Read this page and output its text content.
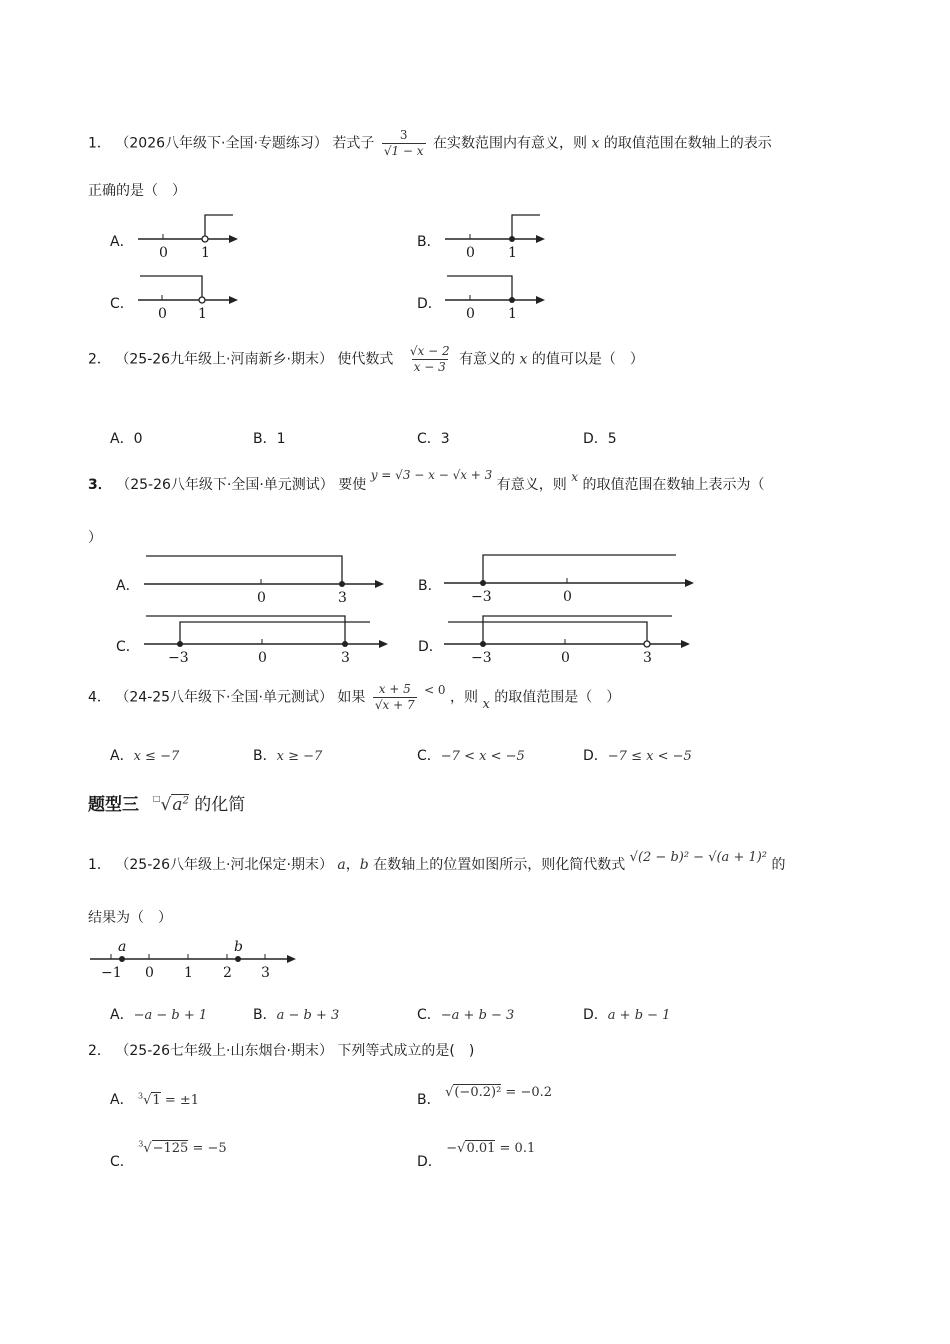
1． （2026八年级下·全国·专题练习） 若式子 $\frac{3}{√1 - x}$ 在实数范围内有意义，则 x 的取值范围在数轴上的表示
正确的是（　）
A．
0 1
B．
0 1
C．
0 1
D．
0 1
2． （25-26九年级上·河南新乡·期末） 使代数式 $\frac{√x - 2}{x - 3}$ 有意义的 x 的值可以是（　）
A．0	B．1	C．3	D．5
3． （25-26八年级下·全国·单元测试） 要使 y = √3 − x − √x + 3 有意义，则 x 的取值范围在数轴上表示为（
）
A．
0	3
B．
−3	0
C．
−3	0	3
D．
−3	0	3
4． （24-25八年级下·全国·单元测试） 如果 $\frac{x + 5}{√x + 7} < 0$ ，则 x 的取值范围是（　）
A．x ≤ −7	B．x ≥ −7	C．−7 < x < −5	D．−7 ≤ x < −5
题型三 $^□√a^2$ 的化简
1． （25-26八年级上·河北保定·期末） a，b 在数轴上的位置如图所示，则化简代数式 √(2 − b)² − √(a + 1)² 的
结果为（　）
a	b
−1 0 1 2 3
A．−a − b + 1	B．a − b + 3	C．−a + b − 3	D．a + b − 1
2． （25-26七年级上·山东烟台·期末） 下列等式成立的是(　)
A． $^3$√1 = ±1	B． √(−0.2)² = −0.2
C． $^3$√−125 = −5
D． −√0.01 = 0.1
